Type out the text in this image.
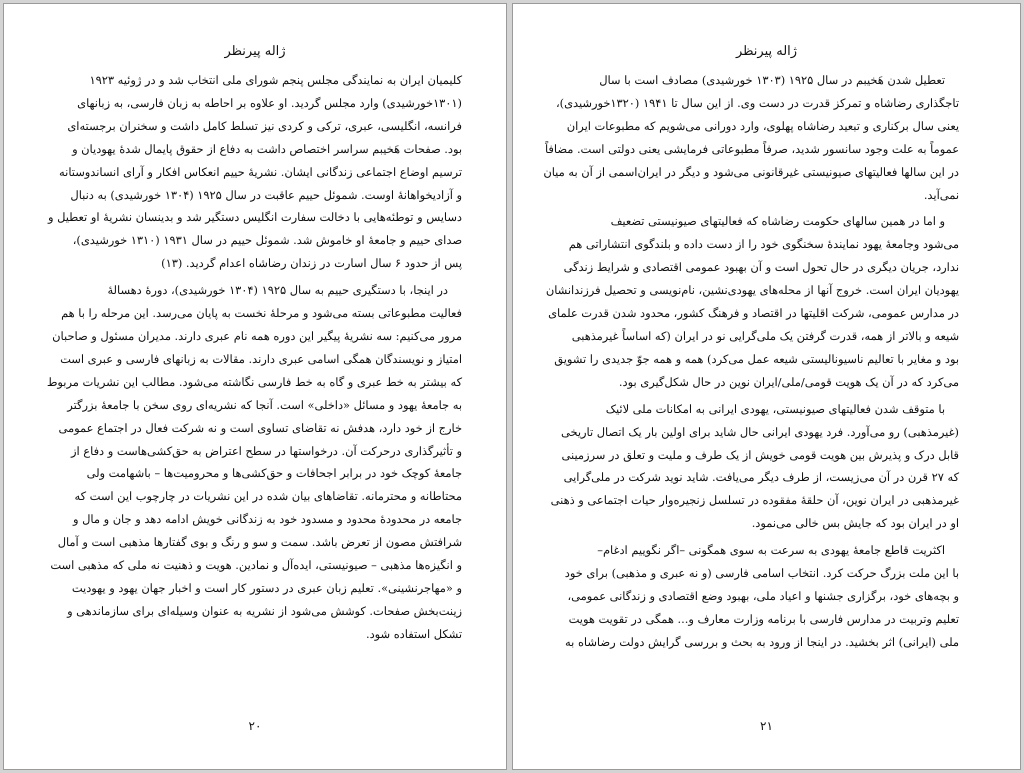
ژاله پیرنظر
کلیمیان ایران به نمایندگی مجلس پنجم شورای ملی انتخاب شد و در ژوئیه ۱۹۲۳
(۱۳۰۱خورشیدی) وارد مجلس گردید. او علاوه بر احاطه به زبان فارسی، به زبانهای
فرانسه، انگلیسی، عبری، ترکی و کردی نیز تسلط کامل داشت و سخنران برجسته‌ای
بود. صفحات هَخیبم سراسر اختصاص داشت به دفاع از حقوق پایمال شدهٔ یهودیان و
ترسیم اوضاع اجتماعی زندگانی ایشان. نشریهٔ حییم انعکاس افکار و آرای انساندوستانه
و آزادیخواهانهٔ اوست. شموئل حییم عاقبت در سال ۱۹۲۵ (۱۳۰۴ خورشیدی) به دنبال
دسایس و توطئه‌هایی با دخالت سفارت انگلیس دستگیر شد و بدینسان نشریهٔ او تعطیل و
صدای حییم و جامعهٔ او خاموش شد. شموئل حییم در سال ۱۹۳۱ (۱۳۱۰ خورشیدی)،
پس از حدود ۶ سال اسارت در زندان رضاشاه اعدام گردید. (۱۳)
در اینجا، با دستگیری حییم به سال ۱۹۲۵ (۱۳۰۴ خورشیدی)، دورهٔ دهسالهٔ
فعالیت مطبوعاتی بسته می‌شود و مرحلهٔ نخست به پایان می‌رسد. این مرحله را با هم
مرور می‌کنیم: سه نشریهٔ پیگیر این دوره همه نام عبری دارند. مدیران مسئول و صاحبان
امتیاز و نویسندگان همگی اسامی عبری دارند. مقالات به زبانهای فارسی و عبری است
که بیشتر به خط عبری و گاه به خط فارسی نگاشته می‌شود. مطالب این نشریات مربوط
به جامعهٔ یهود و مسائل «داخلی» است. آنجا که نشریه‌ای روی سخن با جامعهٔ بزرگتر
خارج از خود دارد، هدفش نه تقاضای تساوی است و نه شرکت فعال در اجتماع عمومی
و تأثیرگذاری درحرکت آن. درخواستها در سطح اعتراض به حق‌کشی‌هاست و دفاع از
جامعهٔ کوچک خود در برابر اجحافات و حق‌کشی‌ها و محرومیت‌ها – باشهامت ولی
محتاطانه و محترمانه. تقاضاهای بیان شده در این نشریات در چارچوب این است که
جامعه در محدودهٔ محدود و مسدود خود به زندگانی خویش ادامه دهد و جان و مال و
شرافتش مصون از تعرض باشد. سمت و سو و رنگ و بوی گفتارها مذهبی است و آمال
و انگیزه‌ها مذهبی – صیونیستی، ایده‌آل و نمادین. هویت و ذهنیت نه ملی که مذهبی است
و «مهاجرنشینی». تعلیم زبان عبری در دستور کار است و اخبار جهان یهود و یهودیت
زینت‌بخش صفحات. کوشش می‌شود از نشریه به عنوان وسیله‌ای برای سازماندهی و
تشکل استفاده شود.
۲۰
ژاله پیرنظر
تعطیل شدن هَخیبم در سال ۱۹۲۵ (۱۳۰۳ خورشیدی) مصادف است با سال
تاجگذاری رضاشاه و تمرکز قدرت در دست وی. از این سال تا ۱۹۴۱ (۱۳۲۰خورشیدی)،
یعنی سال برکناری و تبعید رضاشاه پهلوی، وارد دورانی می‌شویم که مطبوعات ایران
عموماً به علت وجود سانسور شدید، صرفاً مطبوعاتی فرمایشی یعنی دولتی است. مضافاً
در این سالها فعالیتهای صیونیستی غیرقانونی می‌شود و دیگر در ایران‌اسمی از آن به میان
نمی‌آید.
و اما در همین سالهای حکومت رضاشاه که فعالیتهای صیونیستی تضعیف
می‌شود وجامعهٔ یهود نمایندهٔ سخنگوی خود را از دست داده و بلندگوی انتشاراتی هم
ندارد، جریان دیگری در حال تحول است و آن بهبود عمومی اقتصادی و شرایط زندگی
یهودیان ایران است. خروج آنها از محله‌های یهودی‌نشین، نام‌نویسی و تحصیل فرزندانشان
در مدارس عمومی، شرکت اقلیتها در اقتصاد و فرهنگ کشور، محدود شدن قدرت علمای
شیعه و بالاتر از همه، قدرت گرفتن یک ملی‌گرایی نو در ایران (که اساساً غیرمذهبی
بود و مغایر با تعالیم ناسیونالیستی شیعه عمل می‌کرد) همه و همه جوّ جدیدی را تشویق
می‌کرد که در آن یک هویت قومی/ملی/ایران نوین در حال شکل‌گیری بود.
با متوقف شدن فعالیتهای صیونیستی، یهودی ایرانی به امکانات ملی لائیک
(غیرمذهبی) رو می‌آورد. فرد یهودی ایرانی حال شاید برای اولین بار یک اتصال تاریخی
قابل درک و پذیرش بین هویت قومی خویش از یک طرف و ملیت و تعلق در سرزمینی
که ۲۷ قرن در آن می‌زیست، از طرف دیگر می‌یافت. شاید نوید شرکت در ملی‌گرایی
غیرمذهبی در ایران نوین، آن حلقهٔ مفقوده در تسلسل زنجیره‌وار حیات اجتماعی و ذهنی
او در ایران بود که جایش بس خالی می‌نمود.
اکثریت قاطع جامعهٔ یهودی به سرعت به سوی همگونی –اگر نگوییم ادغام–
با این ملت بزرگ حرکت کرد. انتخاب اسامی فارسی (و نه عبری و مذهبی) برای خود
و بچه‌های خود، برگزاری جشنها و اعیاد ملی، بهبود وضع اقتصادی و زندگانی عمومی،
تعلیم وتربیت در مدارس فارسی با برنامه وزارت معارف و... همگی در تقویت هویت
ملی (ایرانی) اثر بخشید. در اینجا از ورود به بحث و بررسی گرایش دولت رضاشاه به
۲۱
